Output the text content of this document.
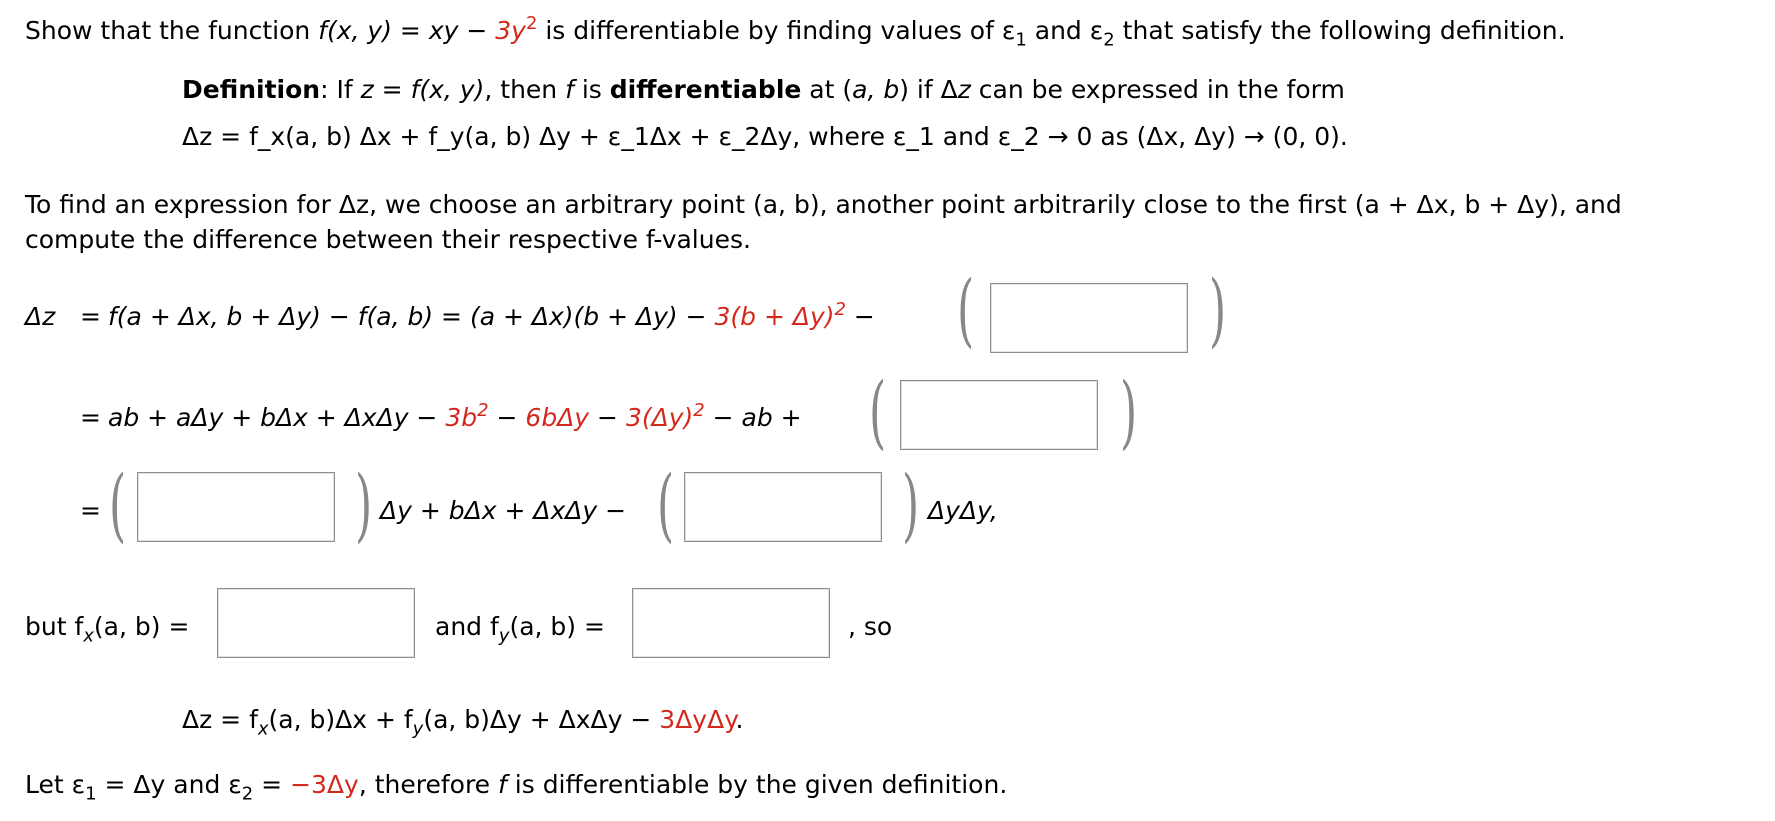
Show that the function f(x, y) = xy − $3y^2$ is differentiable by finding values of $\varepsilon_1$ and $\varepsilon_2$ that satisfy the following definition.
Definition: If z = f(x, y), then f is differentiable at (a, b) if Δz can be expressed in the form
Δz = f_x(a, b) Δx + f_y(a, b) Δy + ε_1Δx + ε_2Δy, where ε_1 and ε_2 → 0 as (Δx, Δy) → (0, 0).
To find an expression for Δz, we choose an arbitrary point (a, b), another point arbitrarily close to the first (a + Δx, b + Δy), and
compute the difference between their respective f-values.
Δz = f(a + Δx, b + Δy) − f(a, $b) = (a + \Delta x)(b + \Delta y) - 3(b + \Delta y)^2$ − (	)
= ab + $a\Delta y + b\Delta x + \Delta x\Delta y - 3b^2 - 6b\Delta y - 3(\Delta y)^2$ − ab + (	)
= (	) Δy + bΔx + ΔxΔy − (	) ΔyΔy,
but $f_x(a$, b) =	and $f_y(a$, b) =	, so
$\Delta z = f_x(a$, $b)\Delta x + f_y(a$, b)Δy + ΔxΔy − 3ΔyΔy.
Let $\varepsilon_1 = \Delta y$ and $\varepsilon_2 = -3\Delta y$, therefore f is differentiable by the given definition.
